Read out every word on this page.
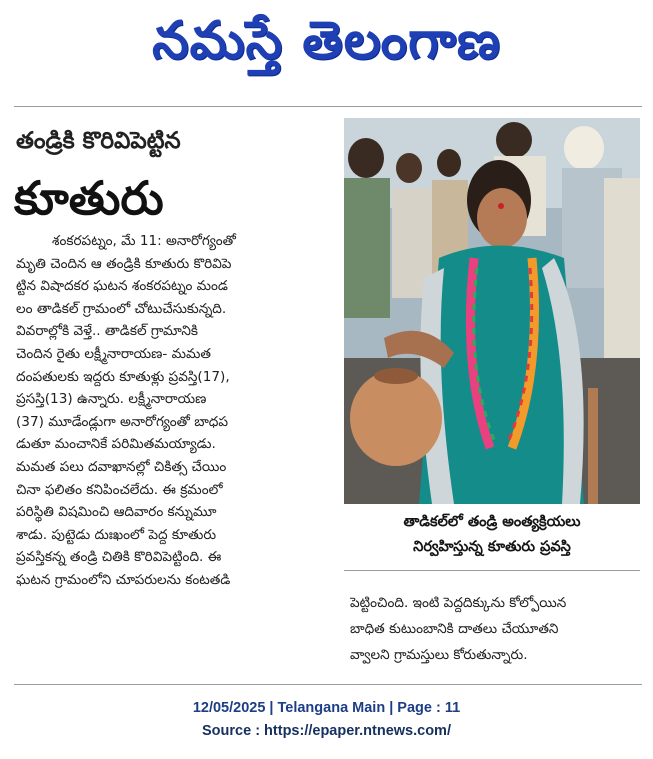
నమస్తే తెలంగాణ
తండ్రికి కొరివిపెట్టిన
కూతురు
శంకరపట్నం, మే 11: అనారోగ్యంతో
మృతి చెందిన ఆ తండ్రికి కూతురు కొరివిపె
ట్టిన విషాదకర ఘటన శంకరపట్నం మండ
లం తాడికల్ గ్రామంలో చోటుచేసుకున్నది.
వివరాల్లోకి వెళ్తే.. తాడికల్ గ్రామానికి
చెందిన రైతు లక్ష్మీనారాయణ- మమత
దంపతులకు ఇద్దరు కూతుళ్లు ప్రవస్తి(17),
ప్రసస్తి(13) ఉన్నారు. లక్ష్మీనారాయణ
(37) మూడేండ్లుగా అనారోగ్యంతో బాధప
డుతూ మంచానికే పరిమితమయ్యాడు.
మమత పలు దవాఖానల్లో చికిత్స చేయిం
చినా ఫలితం కనిపించలేదు. ఈ క్రమంలో
పరిస్థితి విషమించి ఆదివారం కన్నుమూ
శాడు. పుట్టెడు దుఃఖంలో పెద్ద కూతురు
ప్రవస్తికన్న తండ్రి చితికి కొరివిపెట్టింది. ఈ
ఘటన గ్రామంలోని చూపరులను కంటతడి
తాడికల్‌లో తండ్రి అంత్యక్రియలు
నిర్వహిస్తున్న కూతురు ప్రవస్తి
పెట్టించింది. ఇంటి పెద్దదిక్కును కోల్పోయిన
బాధిత కుటుంబానికి దాతలు చేయూతని
వ్వాలని గ్రామస్తులు కోరుతున్నారు.
12/05/2025 | Telangana Main | Page : 11
Source : https://epaper.ntnews.com/
